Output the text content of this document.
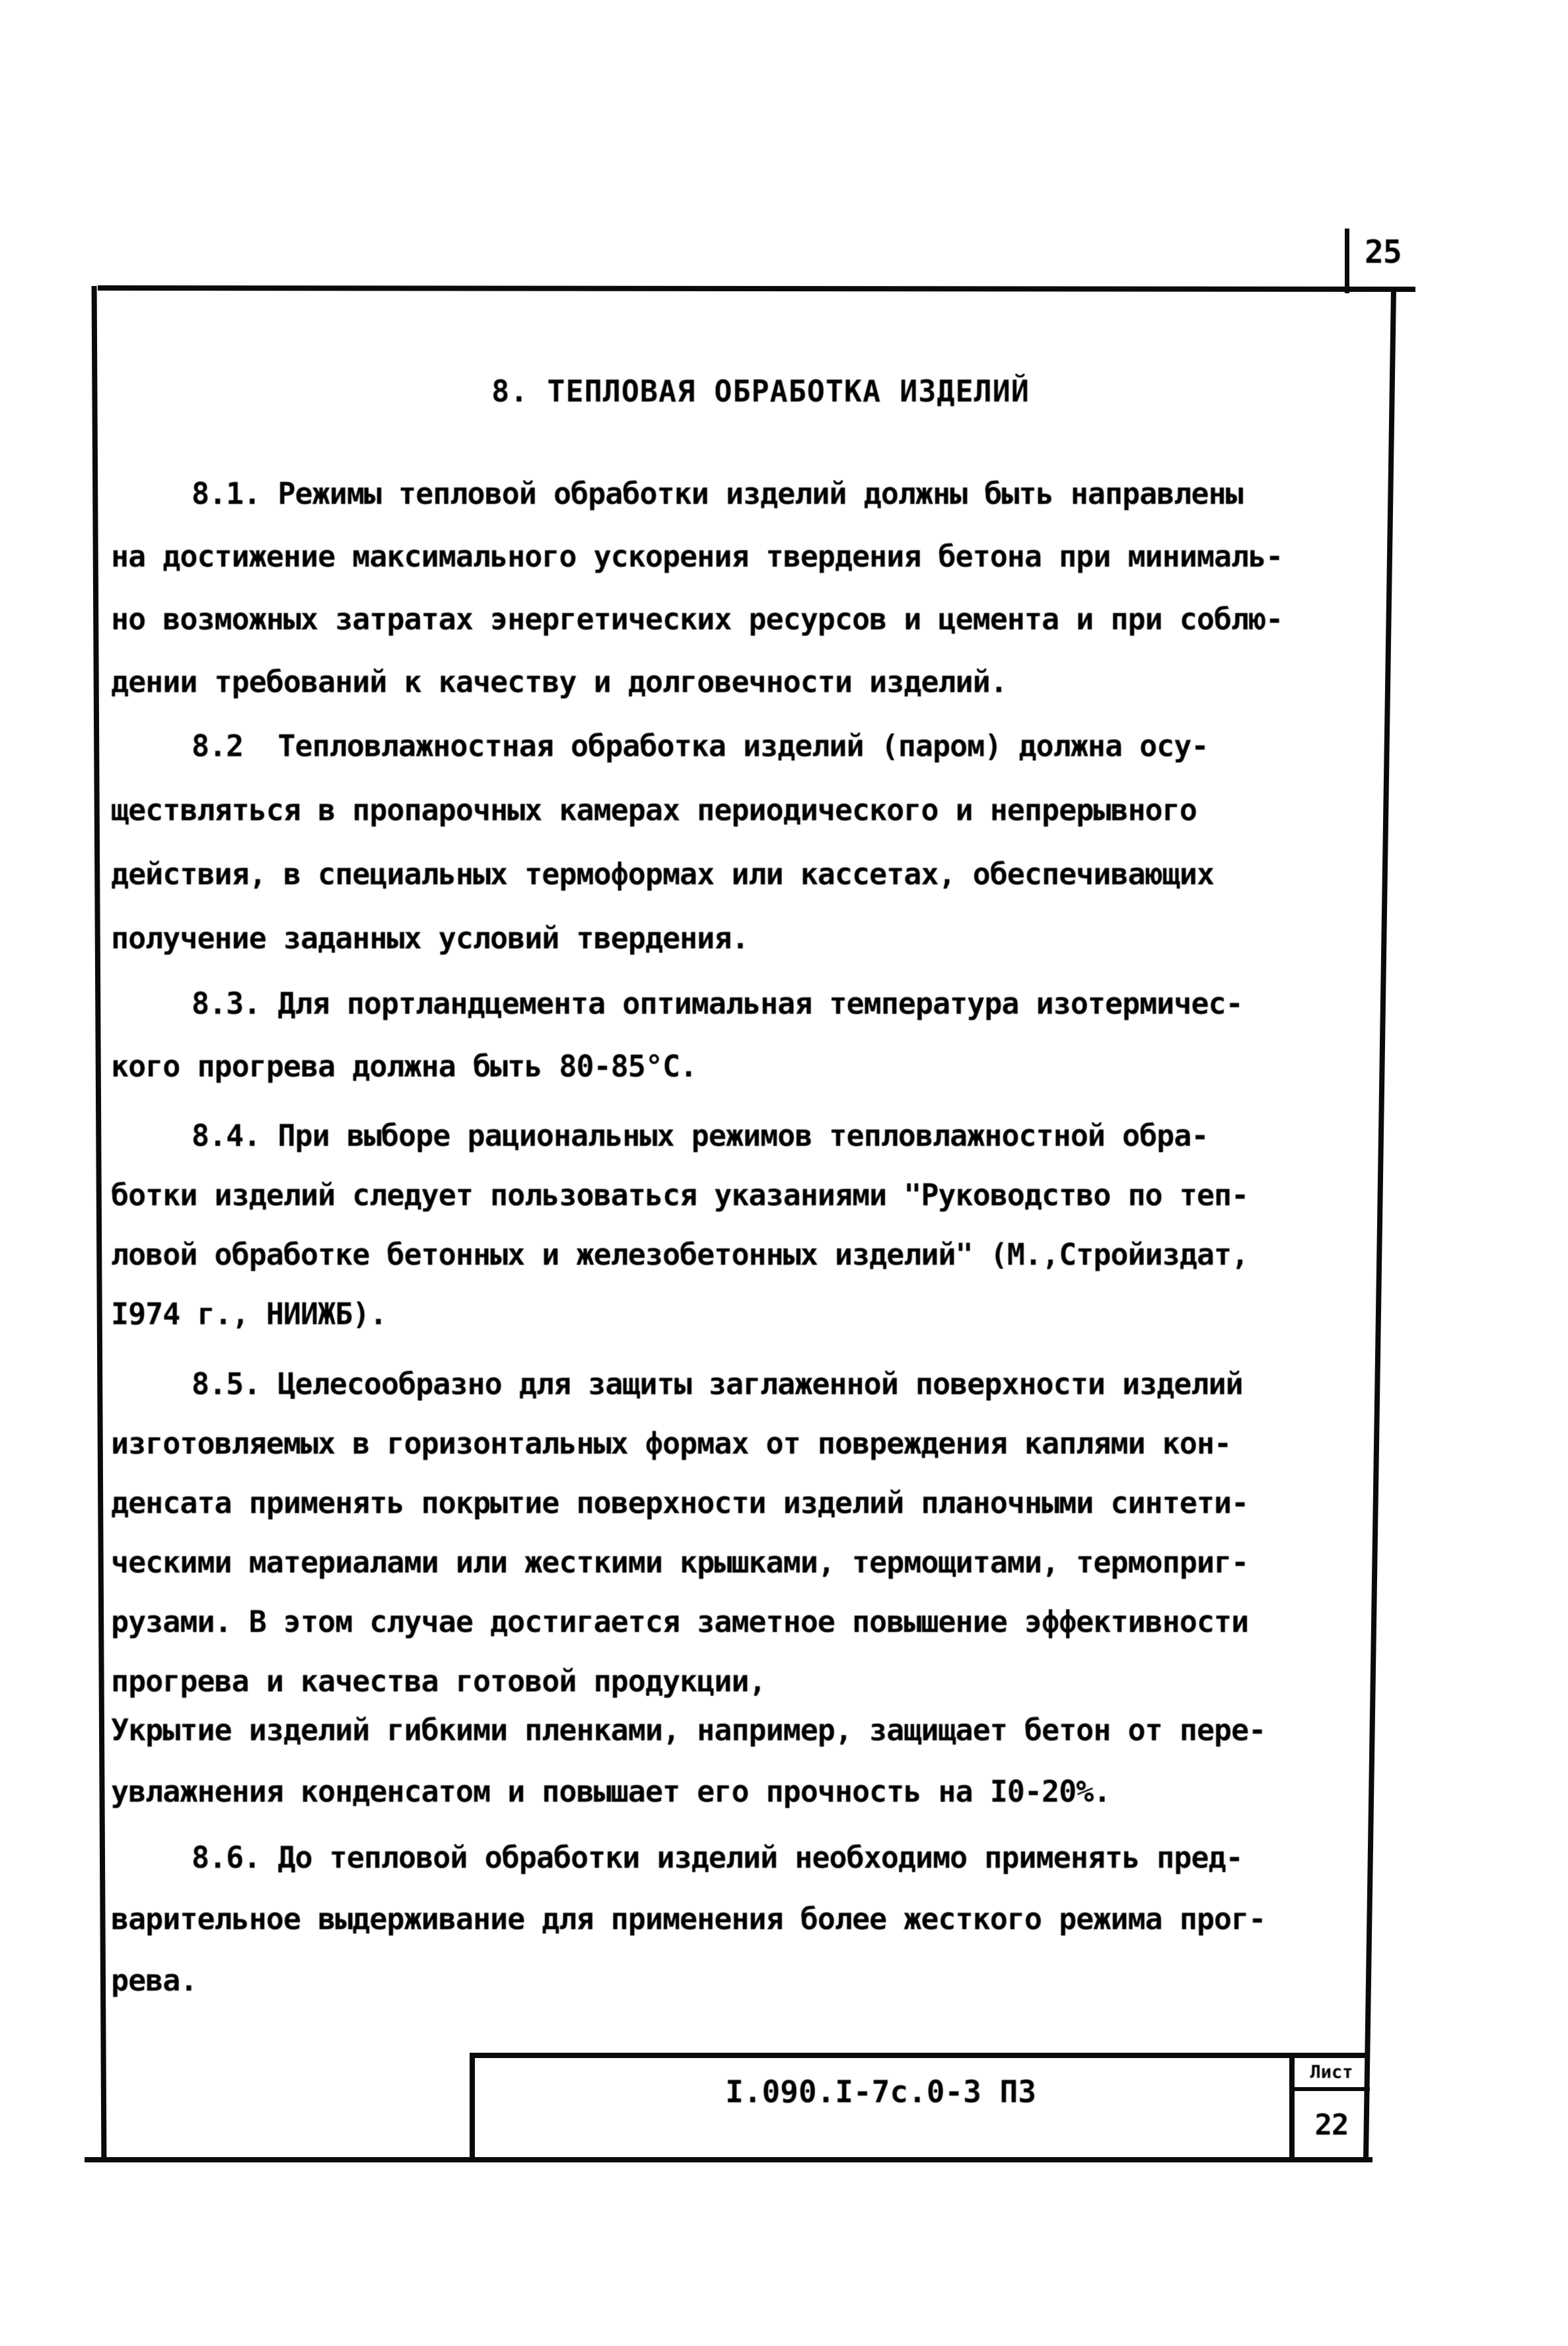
25
8. ТЕПЛОВАЯ ОБРАБОТКА ИЗДЕЛИЙ
8.1. Режимы тепловой обработки изделий должны быть направлены
на достижение максимального ускорения твердения бетона при минималь-
но возможных затратах энергетических ресурсов и цемента и при соблю-
дении требований к качеству и долговечности изделий.
8.2  Тепловлажностная обработка изделий (паром) должна осу-
ществляться в пропарочных камерах периодического и непрерывного
действия, в специальных термоформах или кассетах, обеспечивающих
получение заданных условий твердения.
8.3. Для портландцемента оптимальная температура изотермичес-
кого прогрева должна быть 80-85°С.
8.4. При выборе рациональных режимов тепловлажностной обра-
ботки изделий следует пользоваться указаниями "Руководство по теп-
ловой обработке бетонных и железобетонных изделий" (М.,Стройиздат,
I974 г., НИИЖБ).
8.5. Целесообразно для защиты заглаженной поверхности изделий
изготовляемых в горизонтальных формах от повреждения каплями кон-
денсата применять покрытие поверхности изделий планочными синтети-
ческими материалами или жесткими крышками, термощитами, термоприг-
рузами. В этом случае достигается заметное повышение эффективности
прогрева и качества готовой продукции,
Укрытие изделий гибкими пленками, например, защищает бетон от пере-
увлажнения конденсатом и повышает его прочность на I0-20%.
8.6. До тепловой обработки изделий необходимо применять пред-
варительное выдерживание для применения более жесткого режима прог-
рева.
I.090.I-7с.0-3 ПЗ
Лист
22
